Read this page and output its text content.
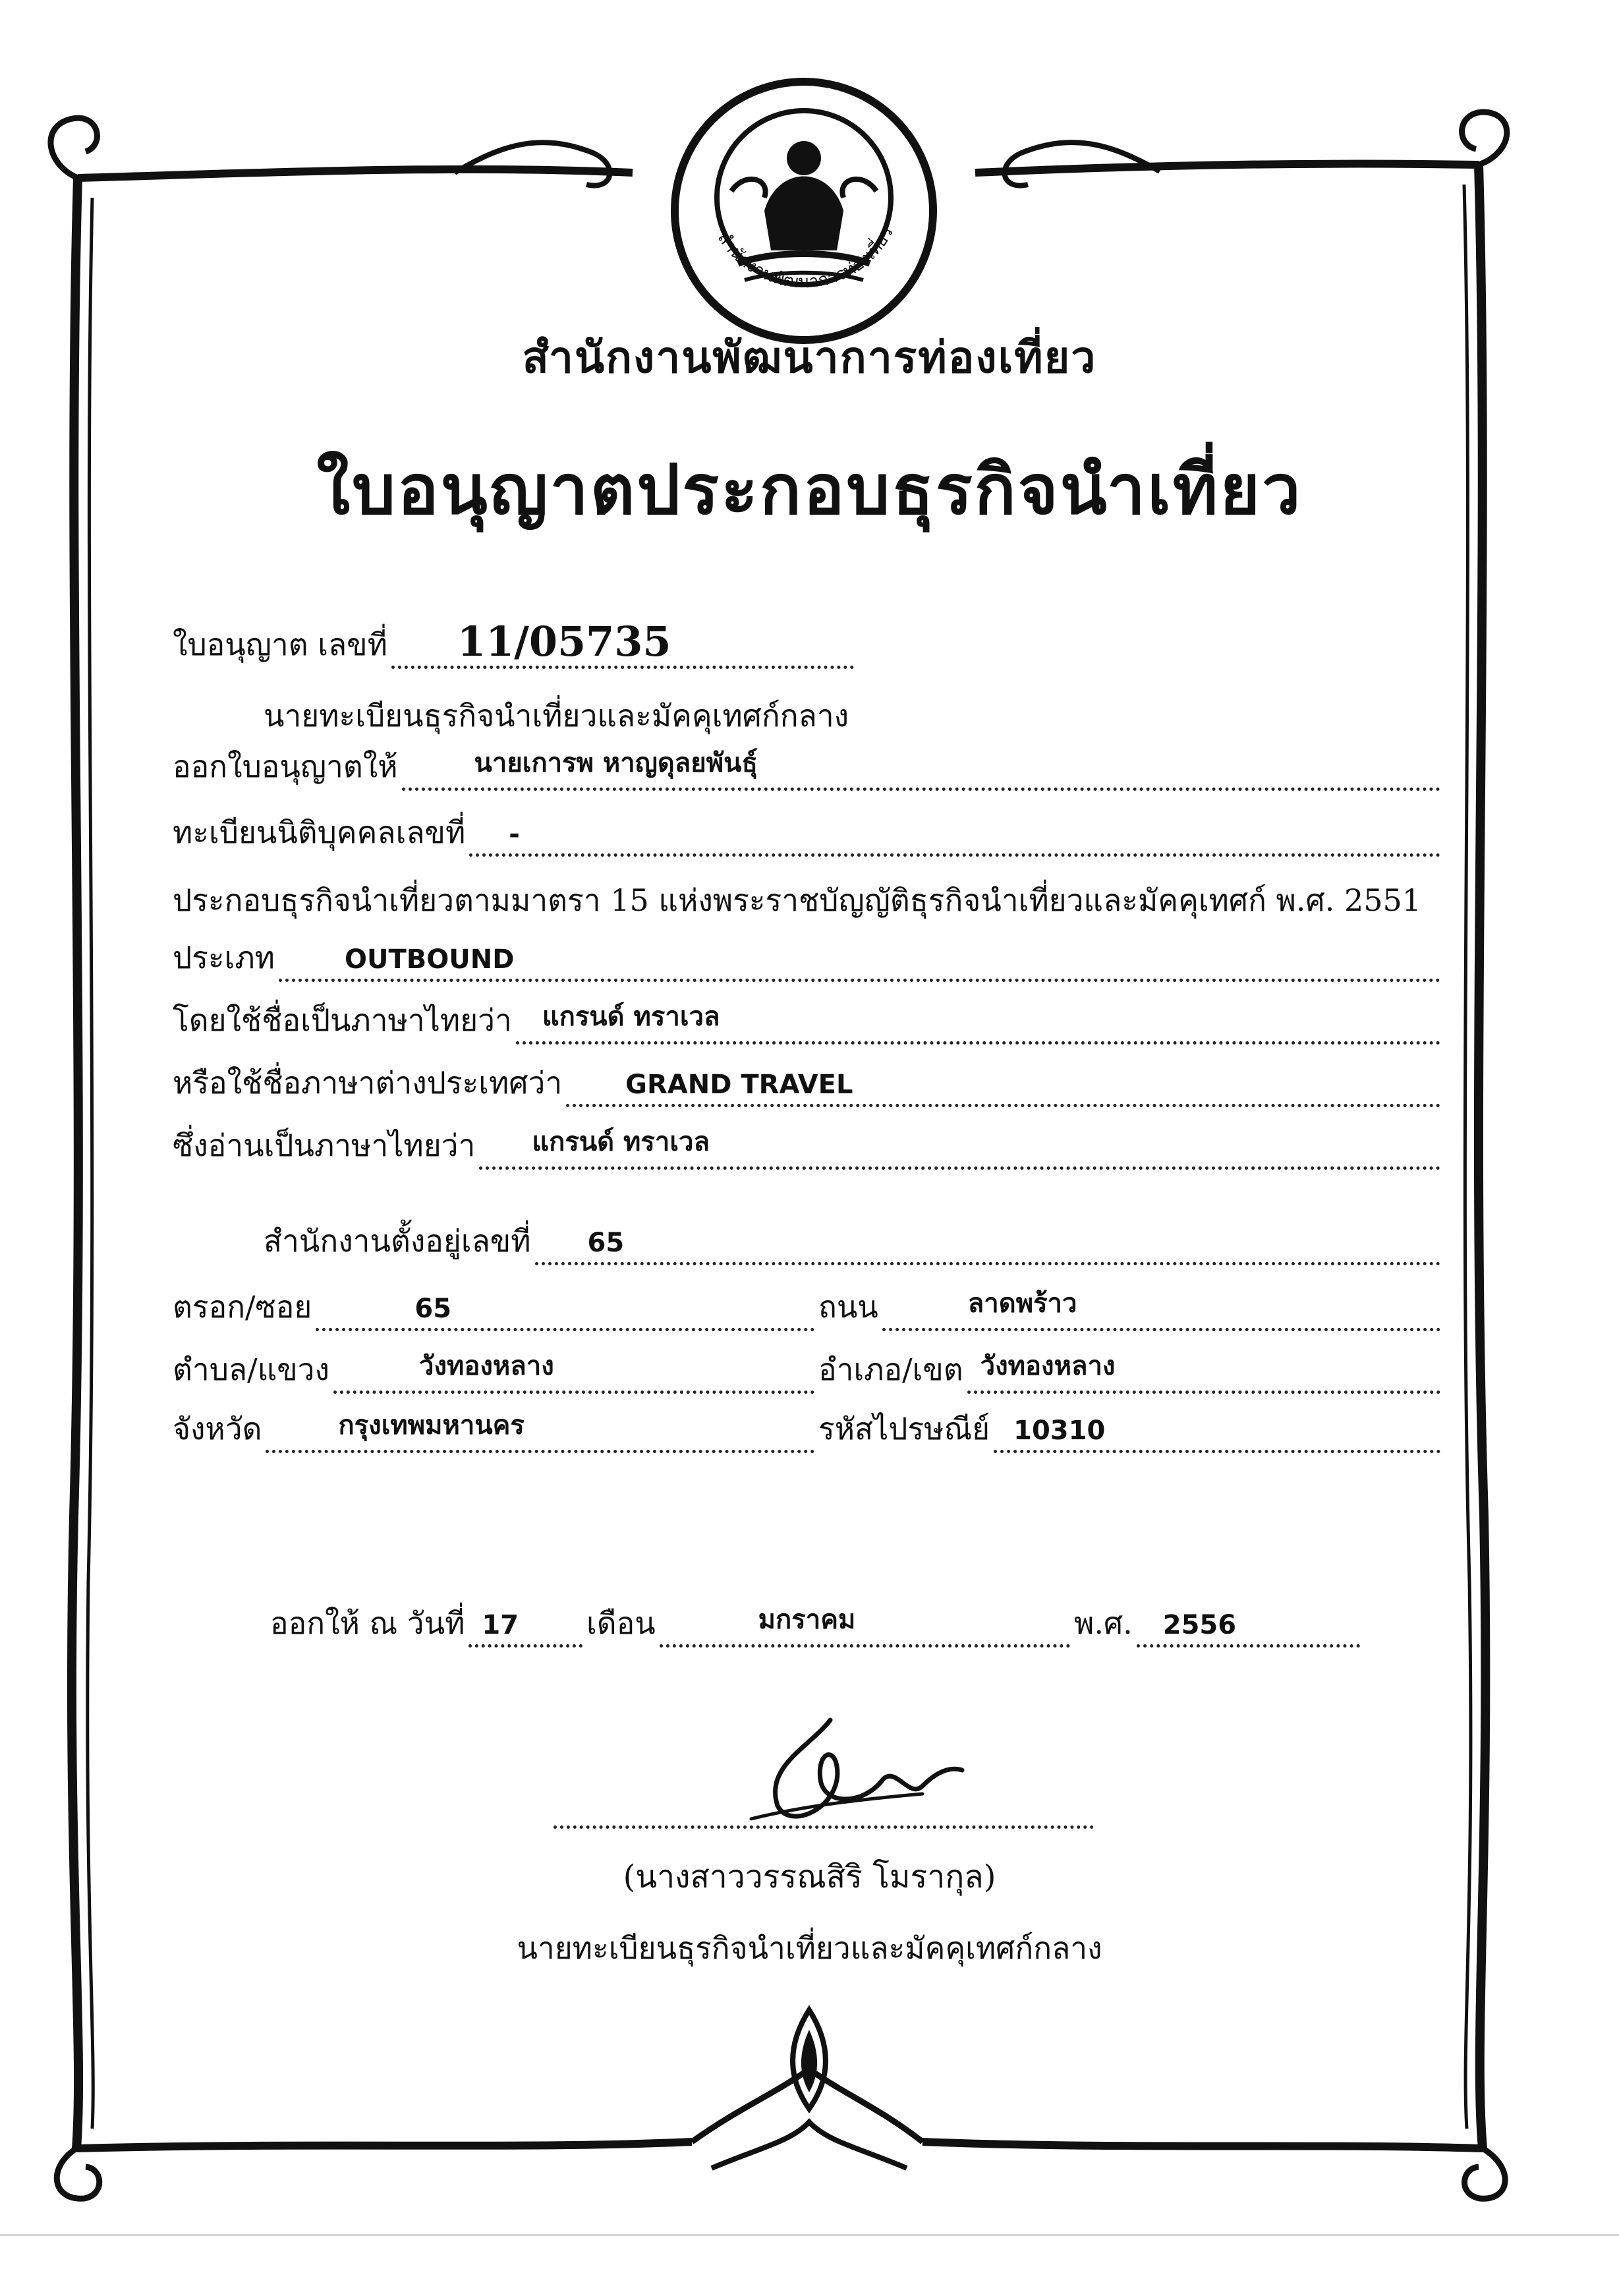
สำนักงานพัฒนาการท่องเที่ยว
สำนักงานพัฒนาการท่องเที่ยว
ใบอนุญาตประกอบธุรกิจนำเที่ยว
ใบอนุญาต เลขที่ 11/05735
นายทะเบียนธุรกิจนำเที่ยวและมัคคุเทศก์กลาง
ออกใบอนุญาตให้	นายเการพ หาญดุลยพันธุ์
ทะเบียนนิติบุคคลเลขที่ -
ประกอบธุรกิจนำเที่ยวตามมาตรา 15 แห่งพระราชบัญญัติธุรกิจนำเที่ยวและมัคคุเทศก์ พ.ศ. 2551
ประเภท	OUTBOUND
โดยใช้ชื่อเป็นภาษาไทยว่า แกรนด์ ทราเวล
หรือใช้ชื่อภาษาต่างประเทศว่า GRAND TRAVEL
ซึ่งอ่านเป็นภาษาไทยว่า แกรนด์ ทราเวล
สำนักงานตั้งอยู่เลขที่ 65
ตรอก/ซอย	65	ถนน	ลาดพร้าว
ตำบล/แขวง	วังทองหลาง	อำเภอ/เขต วังทองหลาง
จังหวัด	กรุงเทพมหานคร	รหัสไปรษณีย์ 10310
ออกให้ ณ วันที่ 17 เดือน	มกราคม	พ.ศ. 2556
(นางสาววรรณสิริ โมรากุล)
นายทะเบียนธุรกิจนำเที่ยวและมัคคุเทศก์กลาง
